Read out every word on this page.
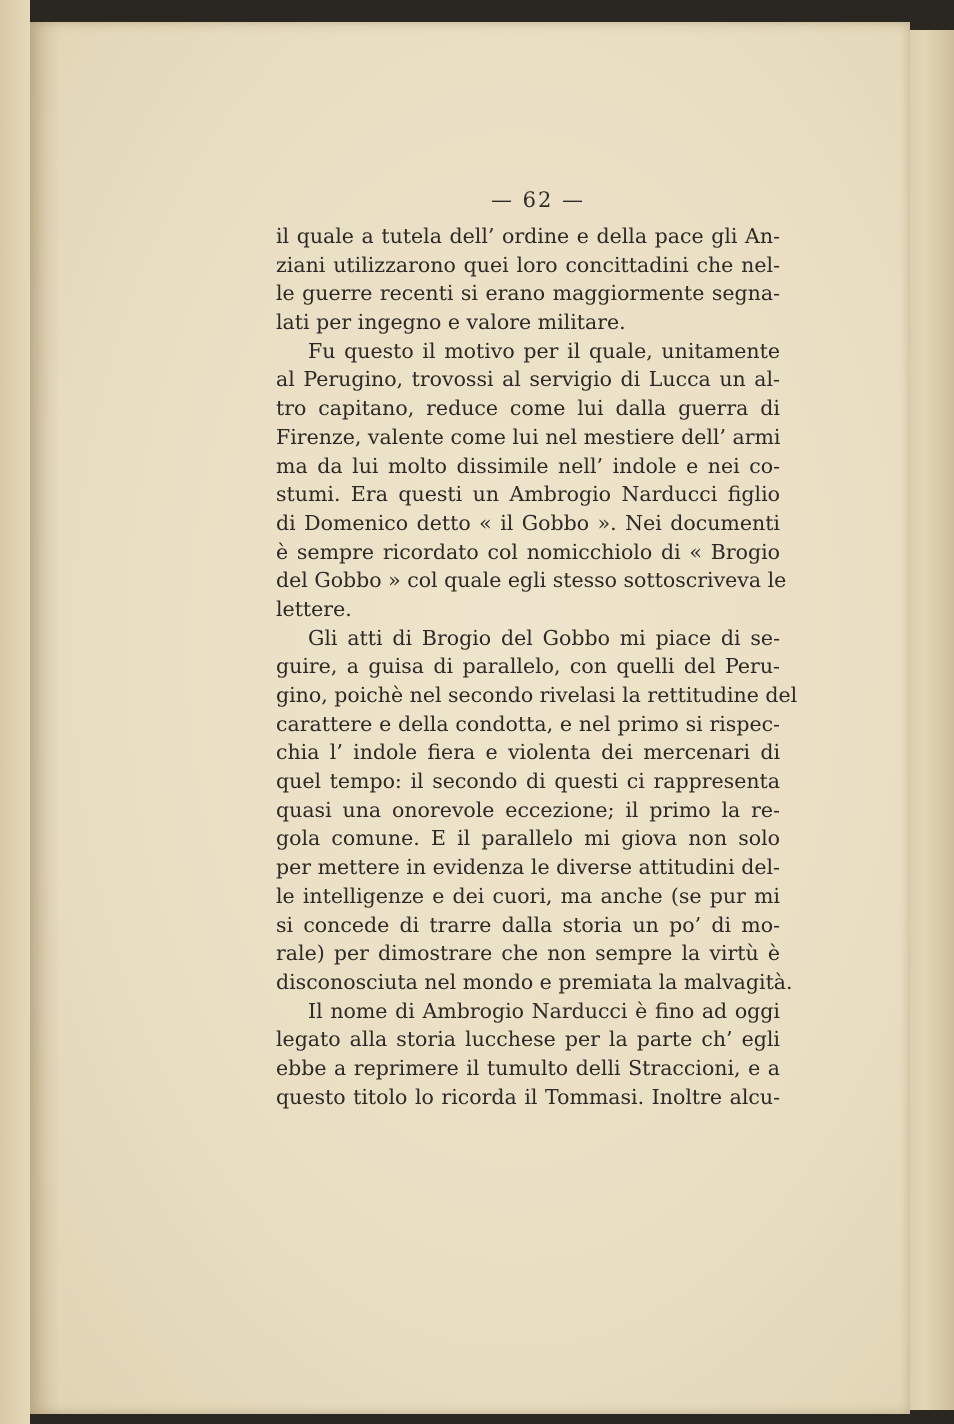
— 62 —
il quale a tutela dell’ ordine e della pace gli An-
ziani utilizzarono quei loro concittadini che nel-
le guerre recenti si erano maggiormente segna-
lati per ingegno e valore militare.
Fu questo il motivo per il quale, unitamente
al Perugino, trovossi al servigio di Lucca un al-
tro capitano, reduce come lui dalla guerra di
Firenze, valente come lui nel mestiere dell’ armi
ma da lui molto dissimile nell’ indole e nei co-
stumi. Era questi un Ambrogio Narducci figlio
di Domenico detto « il Gobbo ». Nei documenti
è sempre ricordato col nomicchiolo di « Brogio
del Gobbo » col quale egli stesso sottoscriveva le
lettere.
Gli atti di Brogio del Gobbo mi piace di se-
guire, a guisa di parallelo, con quelli del Peru-
gino, poichè nel secondo rivelasi la rettitudine del
carattere e della condotta, e nel primo si rispec-
chia l’ indole fiera e violenta dei mercenari di
quel tempo: il secondo di questi ci rappresenta
quasi una onorevole eccezione; il primo la re-
gola comune. E il parallelo mi giova non solo
per mettere in evidenza le diverse attitudini del-
le intelligenze e dei cuori, ma anche (se pur mi
si concede di trarre dalla storia un po’ di mo-
rale) per dimostrare che non sempre la virtù è
disconosciuta nel mondo e premiata la malvagità.
Il nome di Ambrogio Narducci è fino ad oggi
legato alla storia lucchese per la parte ch’ egli
ebbe a reprimere il tumulto delli Straccioni, e a
questo titolo lo ricorda il Tommasi. Inoltre alcu-
